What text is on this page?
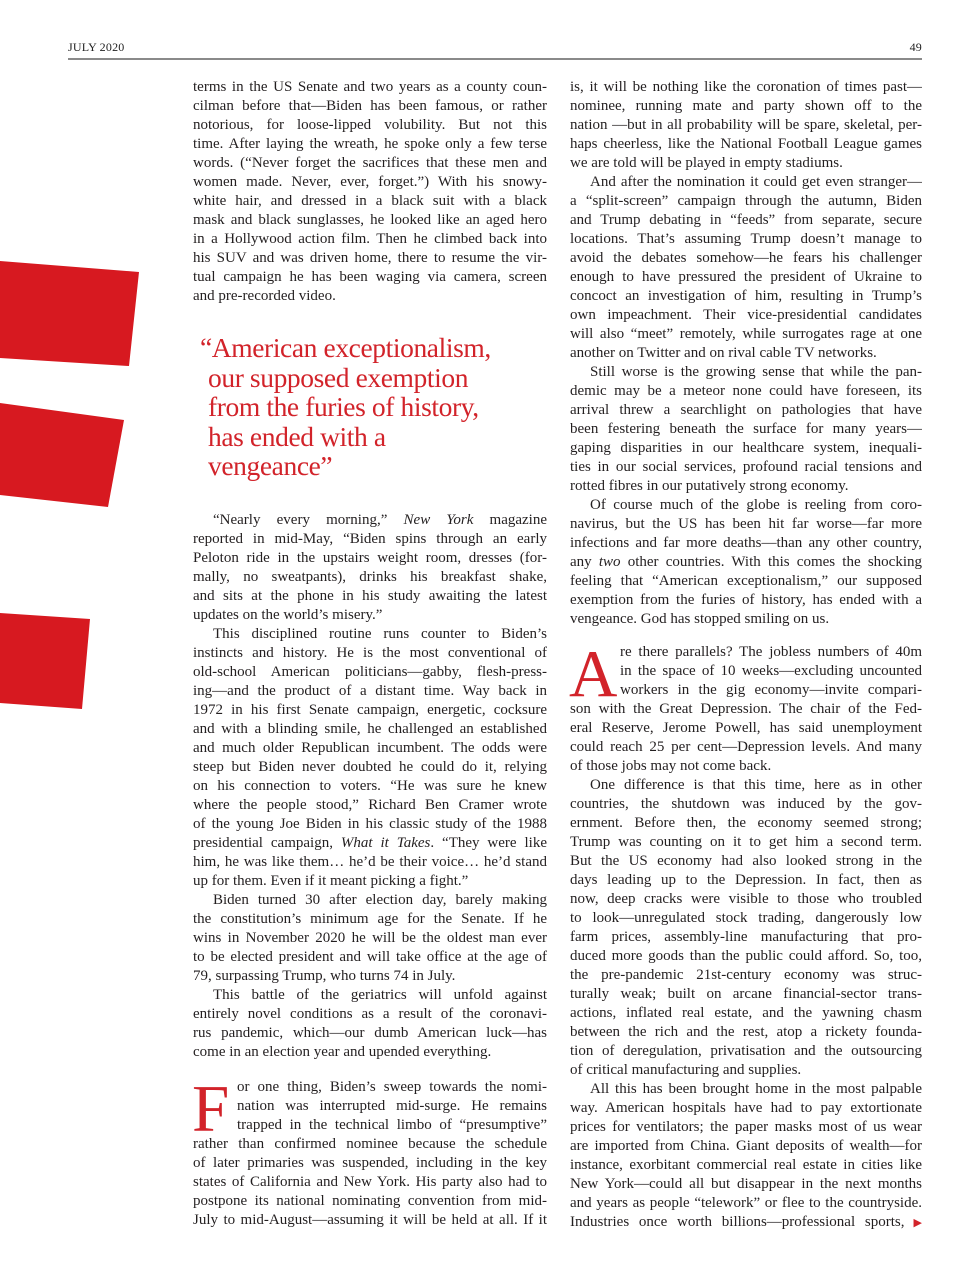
JULY 2020	49
“American exceptionalism,
our supposed exemption
from the furies of history,
has ended with a
vengeance”
terms in the US Senate and two years as a county coun-
cilman before that—Biden has been famous, or rather
notorious, for loose-lipped volubility. But not this
time. After laying the wreath, he spoke only a few terse
words. (“Never forget the sacrifices that these men and
women made. Never, ever, forget.”) With his snowy-
white hair, and dressed in a black suit with a black
mask and black sunglasses, he looked like an aged hero
in a Hollywood action film. Then he climbed back into
his SUV and was driven home, there to resume the vir-
tual campaign he has been waging via camera, screen
and pre-recorded video.
“Nearly every morning,” New York magazine
reported in mid-May, “Biden spins through an early
Peloton ride in the upstairs weight room, dresses (for-
mally, no sweatpants), drinks his breakfast shake,
and sits at the phone in his study awaiting the latest
updates on the world’s misery.”
This disciplined routine runs counter to Biden’s
instincts and history. He is the most conventional of
old-school American politicians—gabby, flesh-press-
ing—and the product of a distant time. Way back in
1972 in his first Senate campaign, energetic, cocksure
and with a blinding smile, he challenged an established
and much older Republican incumbent. The odds were
steep but Biden never doubted he could do it, relying
on his connection to voters. “He was sure he knew
where the people stood,” Richard Ben Cramer wrote
of the young Joe Biden in his classic study of the 1988
presidential campaign, What it Takes. “They were like
him, he was like them… he’d be their voice… he’d stand
up for them. Even if it meant picking a fight.”
Biden turned 30 after election day, barely making
the constitution’s minimum age for the Senate. If he
wins in November 2020 he will be the oldest man ever
to be elected president and will take office at the age of
79, surpassing Trump, who turns 74 in July.
This battle of the geriatrics will unfold against
entirely novel conditions as a result of the coronavi-
rus pandemic, which—our dumb American luck—has
come in an election year and upended everything.
F or one thing, Biden’s sweep towards the nomi-
nation was interrupted mid-surge. He remains
trapped in the technical limbo of “presumptive”
rather than confirmed nominee because the schedule
of later primaries was suspended, including in the key
states of California and New York. His party also had to
postpone its national nominating convention from mid-
July to mid-August—assuming it will be held at all. If it
is, it will be nothing like the coronation of times past—
nominee, running mate and party shown off to the
nation —but in all probability will be spare, skeletal, per-
haps cheerless, like the National Football League games
we are told will be played in empty stadiums.
And after the nomination it could get even stranger—
a “split-screen” campaign through the autumn, Biden
and Trump debating in “feeds” from separate, secure
locations. That’s assuming Trump doesn’t manage to
avoid the debates somehow—he fears his challenger
enough to have pressured the president of Ukraine to
concoct an investigation of him, resulting in Trump’s
own impeachment. Their vice-presidential candidates
will also “meet” remotely, while surrogates rage at one
another on Twitter and on rival cable TV networks.
Still worse is the growing sense that while the pan-
demic may be a meteor none could have foreseen, its
arrival threw a searchlight on pathologies that have
been festering beneath the surface for many years—
gaping disparities in our healthcare system, inequali-
ties in our social services, profound racial tensions and
rotted fibres in our putatively strong economy.
Of course much of the globe is reeling from coro-
navirus, but the US has been hit far worse—far more
infections and far more deaths—than any other country,
any two other countries. With this comes the shocking
feeling that “American exceptionalism,” our supposed
exemption from the furies of history, has ended with a
vengeance. God has stopped smiling on us.
A re there parallels? The jobless numbers of 40m
in the space of 10 weeks—excluding uncounted
workers in the gig economy—invite compari-
son with the Great Depression. The chair of the Fed-
eral Reserve, Jerome Powell, has said unemployment
could reach 25 per cent—Depression levels. And many
of those jobs may not come back.
One difference is that this time, here as in other
countries, the shutdown was induced by the gov-
ernment. Before then, the economy seemed strong;
Trump was counting on it to get him a second term.
But the US economy had also looked strong in the
days leading up to the Depression. In fact, then as
now, deep cracks were visible to those who troubled
to look—unregulated stock trading, dangerously low
farm prices, assembly-line manufacturing that pro-
duced more goods than the public could afford. So, too,
the pre-pandemic 21st-century economy was struc-
turally weak; built on arcane financial-sector trans-
actions, inflated real estate, and the yawning chasm
between the rich and the rest, atop a rickety founda-
tion of deregulation, privatisation and the outsourcing
of critical manufacturing and supplies.
All this has been brought home in the most palpable
way. American hospitals have had to pay extortionate
prices for ventilators; the paper masks most of us wear
are imported from China. Giant deposits of wealth—for
instance, exorbitant commercial real estate in cities like
New York—could all but disappear in the next months
and years as people “telework” or flee to the countryside.
Industries once worth billions—professional sports, ▶
